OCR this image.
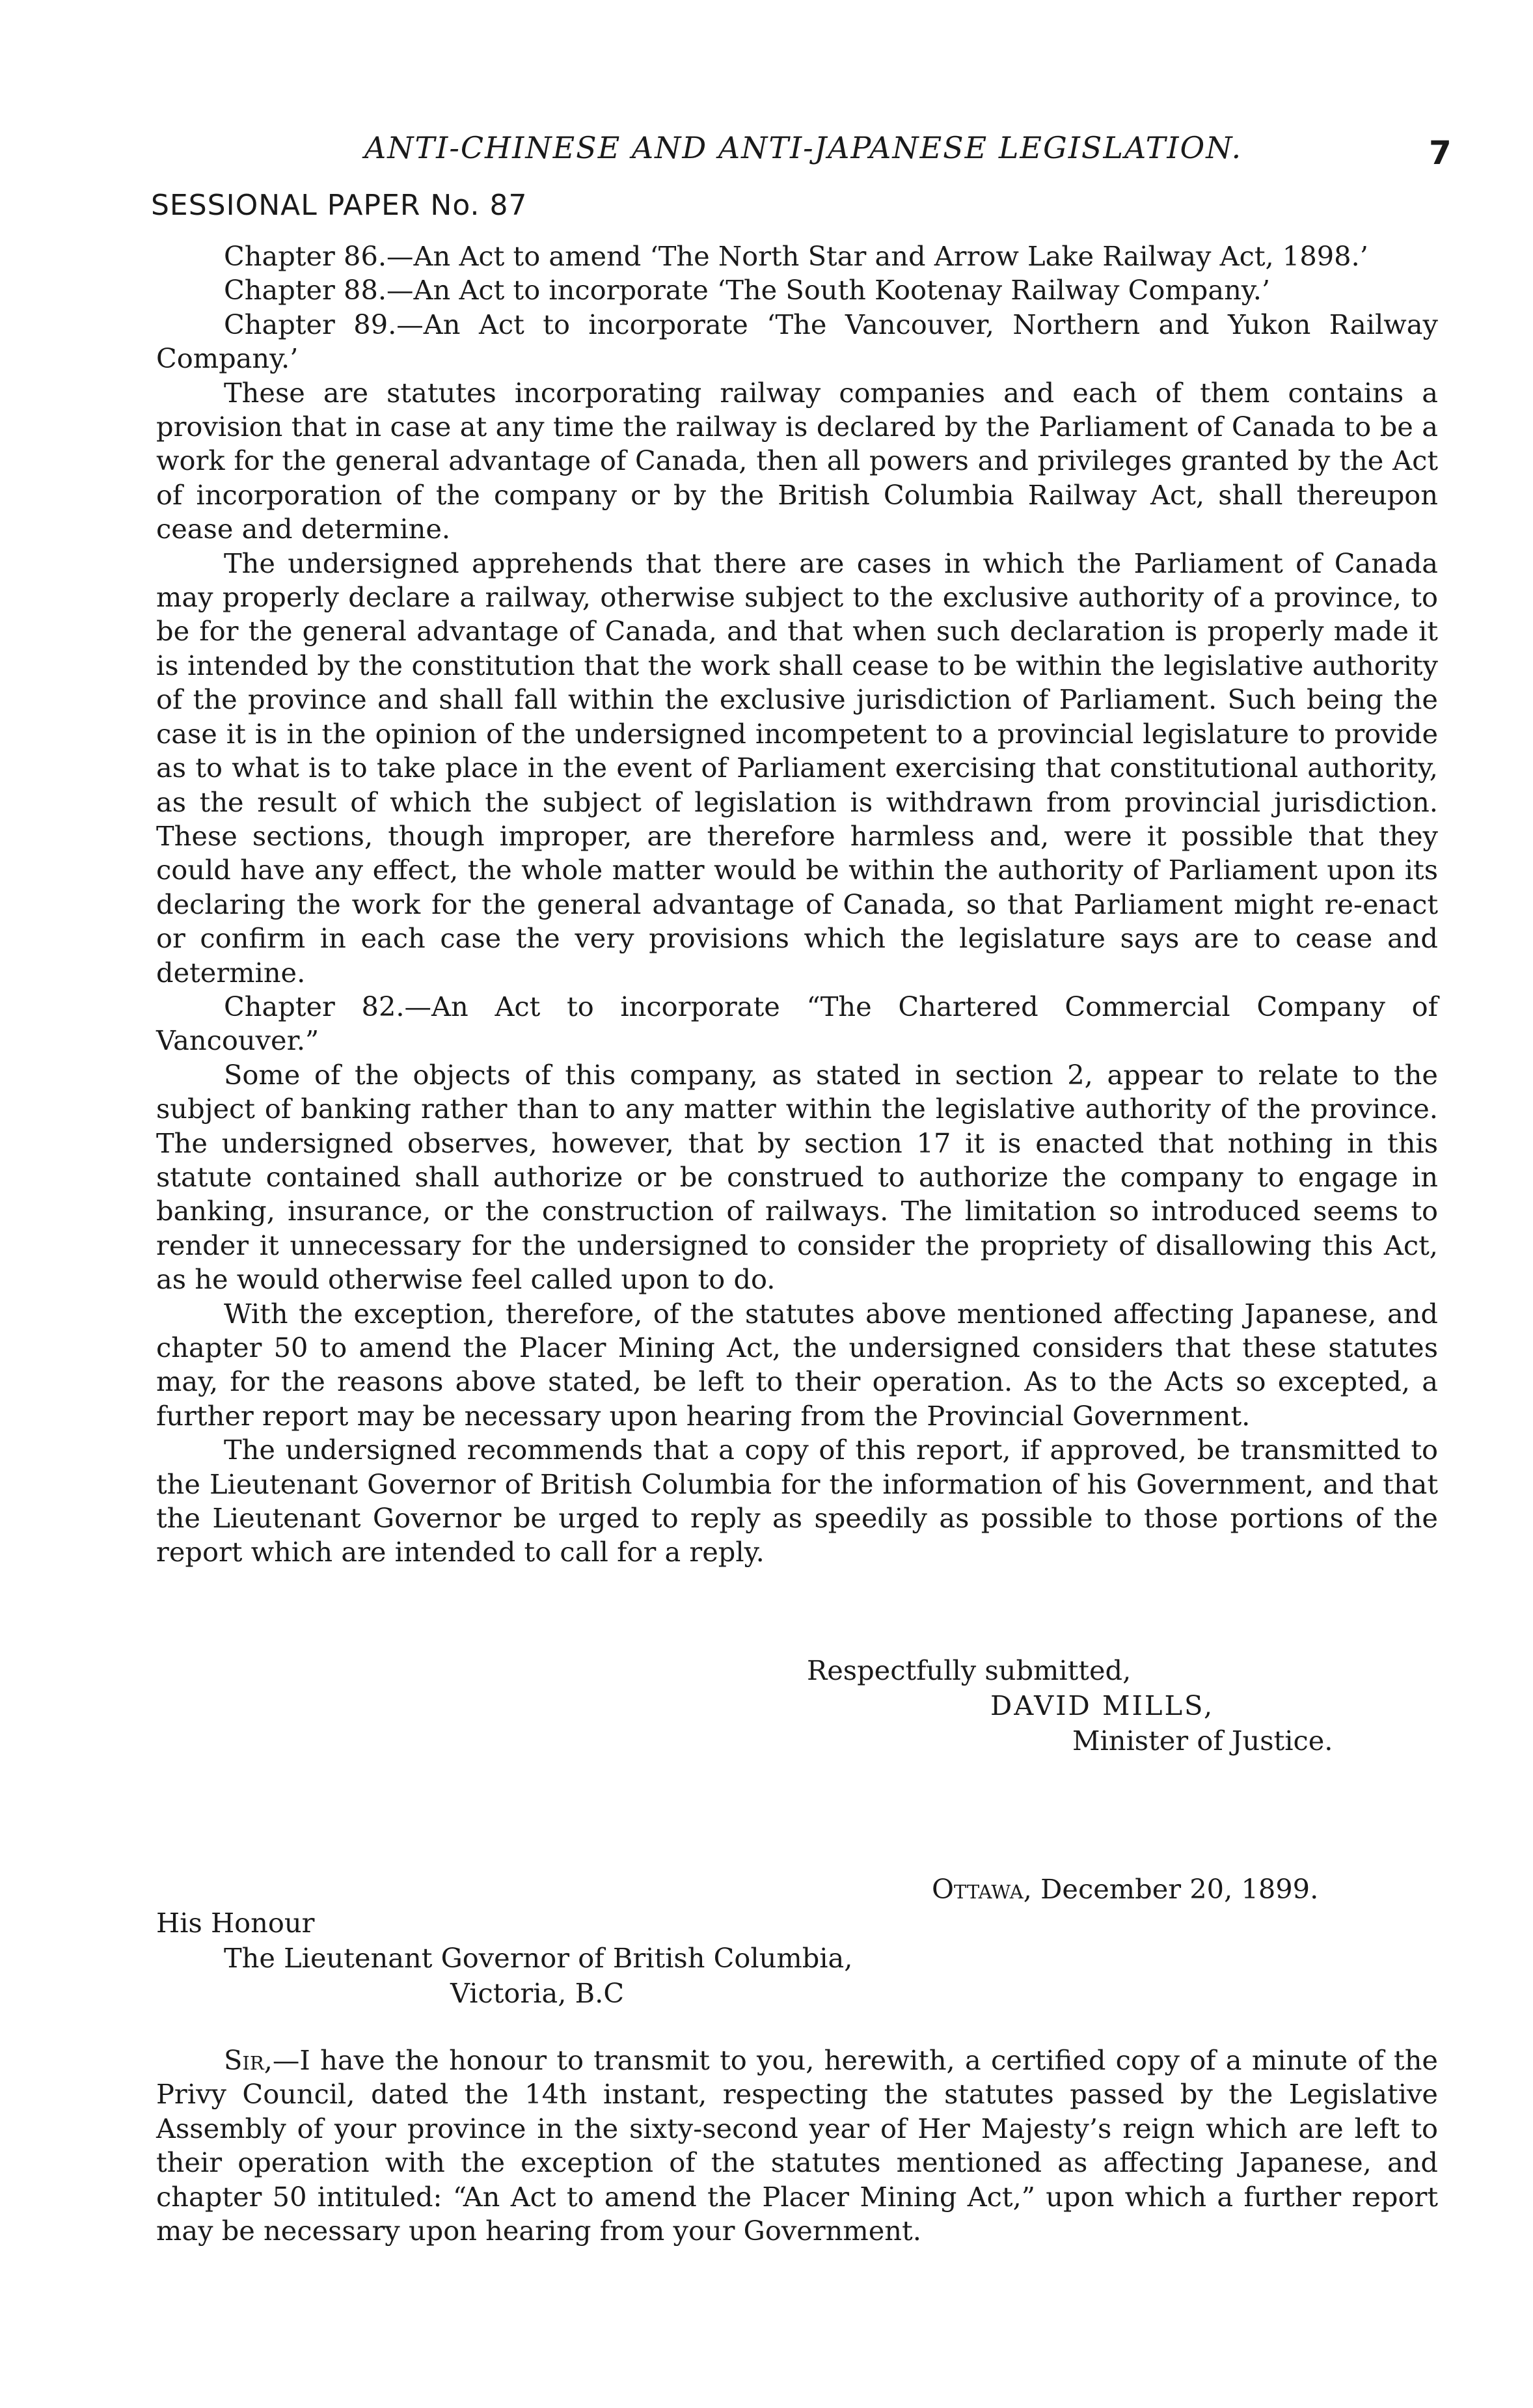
ANTI-CHINESE AND ANTI-JAPANESE LEGISLATION.	7
SESSIONAL PAPER No. 87

Chapter 86.—An Act to amend ‘The North Star and Arrow Lake Railway Act, 1898.’

Chapter 88.—An Act to incorporate ‘The South Kootenay Railway Company.’

Chapter 89.—An Act to incorporate ‘The Vancouver, Northern and Yukon Railway Company.’

These are statutes incorporating railway companies and each of them contains a provision that in case at any time the railway is declared by the Parliament of Canada to be a work for the general advantage of Canada, then all powers and privileges granted by the Act of incorporation of the company or by the British Columbia Railway Act, shall thereupon cease and determine.

The undersigned apprehends that there are cases in which the Parliament of Canada may properly declare a railway, otherwise subject to the exclusive authority of a province, to be for the general advantage of Canada, and that when such declaration is properly made it is intended by the constitution that the work shall cease to be within the legislative authority of the province and shall fall within the exclusive jurisdiction of Parliament. Such being the case it is in the opinion of the undersigned incompetent to a provincial legislature to provide as to what is to take place in the event of Parliament exercising that constitutional authority, as the result of which the subject of legislation is withdrawn from provincial jurisdiction. These sections, though improper, are therefore harmless and, were it possible that they could have any effect, the whole matter would be within the authority of Parliament upon its declaring the work for the general advantage of Canada, so that Parliament might re-enact or confirm in each case the very provisions which the legislature says are to cease and determine.

Chapter 82.—An Act to incorporate “The Chartered Commercial Company of Vancouver.”

Some of the objects of this company, as stated in section 2, appear to relate to the subject of banking rather than to any matter within the legislative authority of the province. The undersigned observes, however, that by section 17 it is enacted that nothing in this statute contained shall authorize or be construed to authorize the company to engage in banking, insurance, or the construction of railways. The limitation so introduced seems to render it unnecessary for the undersigned to consider the propriety of disallowing this Act, as he would otherwise feel called upon to do.

With the exception, therefore, of the statutes above mentioned affecting Japanese, and chapter 50 to amend the Placer Mining Act, the undersigned considers that these statutes may, for the reasons above stated, be left to their operation. As to the Acts so excepted, a further report may be necessary upon hearing from the Provincial Government.

The undersigned recommends that a copy of this report, if approved, be transmitted to the Lieutenant Governor of British Columbia for the information of his Government, and that the Lieutenant Governor be urged to reply as speedily as possible to those portions of the report which are intended to call for a reply.

Respectfully submitted,
DAVID MILLS,
Minister of Justice.
Ottawa, December 20, 1899.
His Honour
The Lieutenant Governor of British Columbia,
Victoria, B.C

Sir,—I have the honour to transmit to you, herewith, a certified copy of a minute of the Privy Council, dated the 14th instant, respecting the statutes passed by the Legislative Assembly of your province in the sixty-second year of Her Majesty’s reign which are left to their operation with the exception of the statutes mentioned as affecting Japanese, and chapter 50 intituled: “An Act to amend the Placer Mining Act,” upon which a further report may be necessary upon hearing from your Government.
